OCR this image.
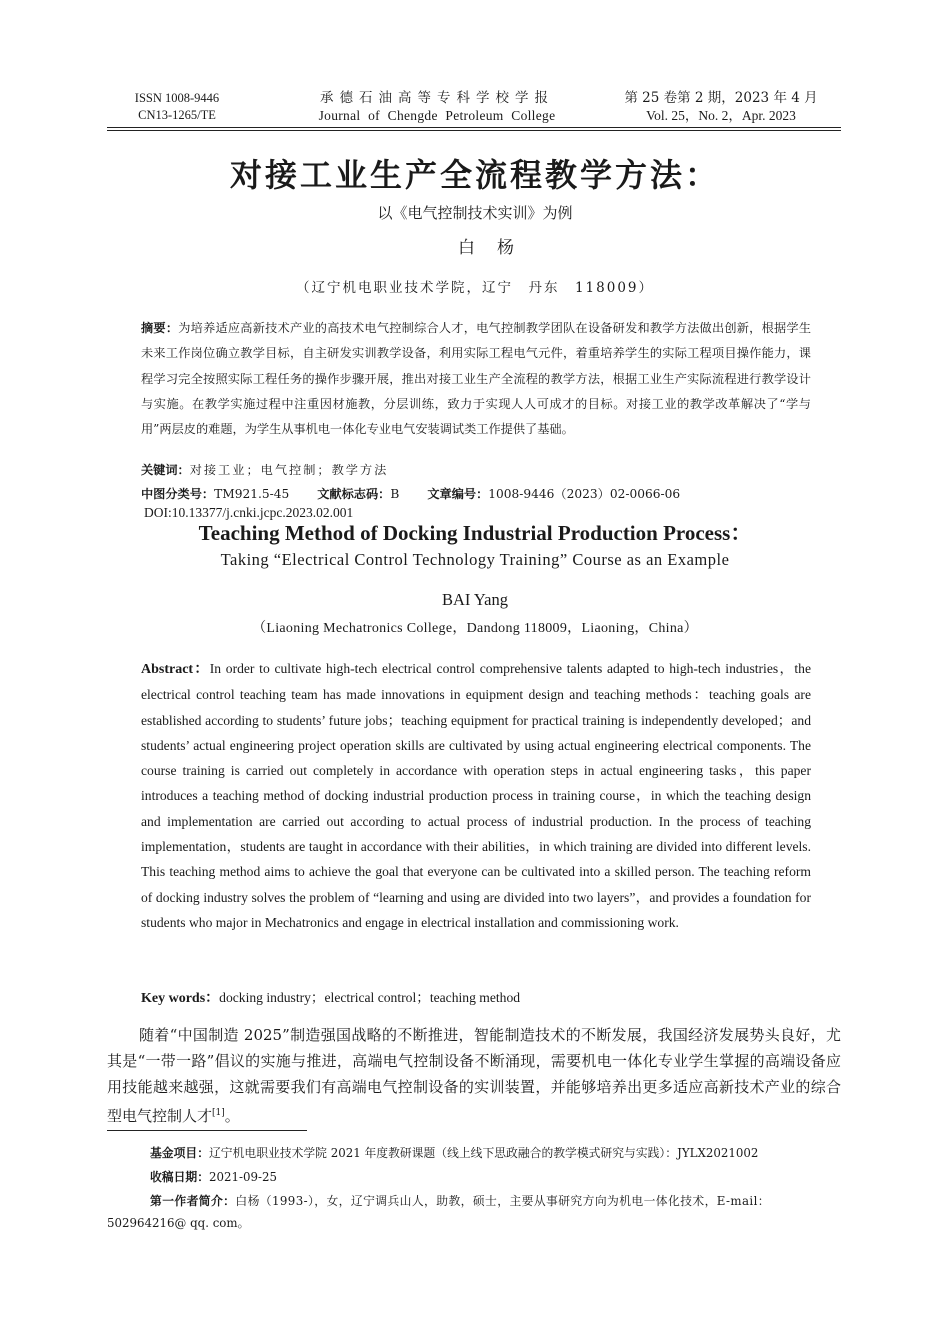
ISSN 1008-9446
CN13-1265/TE
承德石油高等专科学校学报
Journal of Chengde Petroleum College
第 25 卷第 2 期，2023 年 4 月
Vol. 25，No. 2，Apr. 2023
对接工业生产全流程教学方法：
以《电气控制技术实训》为例
白杨
（辽宁机电职业技术学院，辽宁　丹东　118009）
摘要：为培养适应高新技术产业的高技术电气控制综合人才，电气控制教学团队在设备研发和教学方法做出创新，根据学生未来工作岗位确立教学目标，自主研发实训教学设备，利用实际工程电气元件，着重培养学生的实际工程项目操作能力，课程学习完全按照实际工程任务的操作步骤开展，推出对接工业生产全流程的教学方法，根据工业生产实际流程进行教学设计与实施。在教学实施过程中注重因材施教，分层训练，致力于实现人人可成才的目标。对接工业的教学改革解决了“学与用”两层皮的难题，为学生从事机电一体化专业电气安装调试类工作提供了基础。
关键词：对接工业；电气控制；教学方法
中图分类号：TM921.5-45 文献标志码：B 文章编号：1008-9446（2023）02-0066-06
DOI:10.13377/j.cnki.jcpc.2023.02.001
Teaching Method of Docking Industrial Production Process：
Taking “Electrical Control Technology Training” Course as an Example
BAI Yang
（Liaoning Mechatronics College，Dandong 118009，Liaoning，China）
Abstract：In order to cultivate high-tech electrical control comprehensive talents adapted to high-tech industries，the electrical control teaching team has made innovations in equipment design and teaching methods：teaching goals are established according to students’ future jobs；teaching equipment for practical training is independently developed；and students’ actual engineering project operation skills are cultivated by using actual engineering electrical components. The course training is carried out completely in accordance with operation steps in actual engineering tasks，this paper introduces a teaching method of docking industrial production process in training course，in which the teaching design and implementation are carried out according to actual process of industrial production. In the process of teaching implementation，students are taught in accordance with their abilities，in which training are divided into different levels. This teaching method aims to achieve the goal that everyone can be cultivated into a skilled person. The teaching reform of docking industry solves the problem of “learning and using are divided into two layers”，and provides a foundation for students who major in Mechatronics and engage in electrical installation and commissioning work.
Key words：docking industry；electrical control；teaching method
随着“中国制造 2025”制造强国战略的不断推进，智能制造技术的不断发展，我国经济发展势头良好，尤其是“一带一路”倡议的实施与推进，高端电气控制设备不断涌现，需要机电一体化专业学生掌握的高端设备应用技能越来越强，这就需要我们有高端电气控制设备的实训装置，并能够培养出更多适应高新技术产业的综合型电气控制人才[1]。
基金项目：辽宁机电职业技术学院 2021 年度教研课题（线上线下思政融合的教学模式研究与实践）：JYLX2021002
收稿日期：2021-09-25
第一作者简介：白杨（1993-），女，辽宁调兵山人，助教，硕士，主要从事研究方向为机电一体化技术，E-mail：
502964216@ qq. com。
